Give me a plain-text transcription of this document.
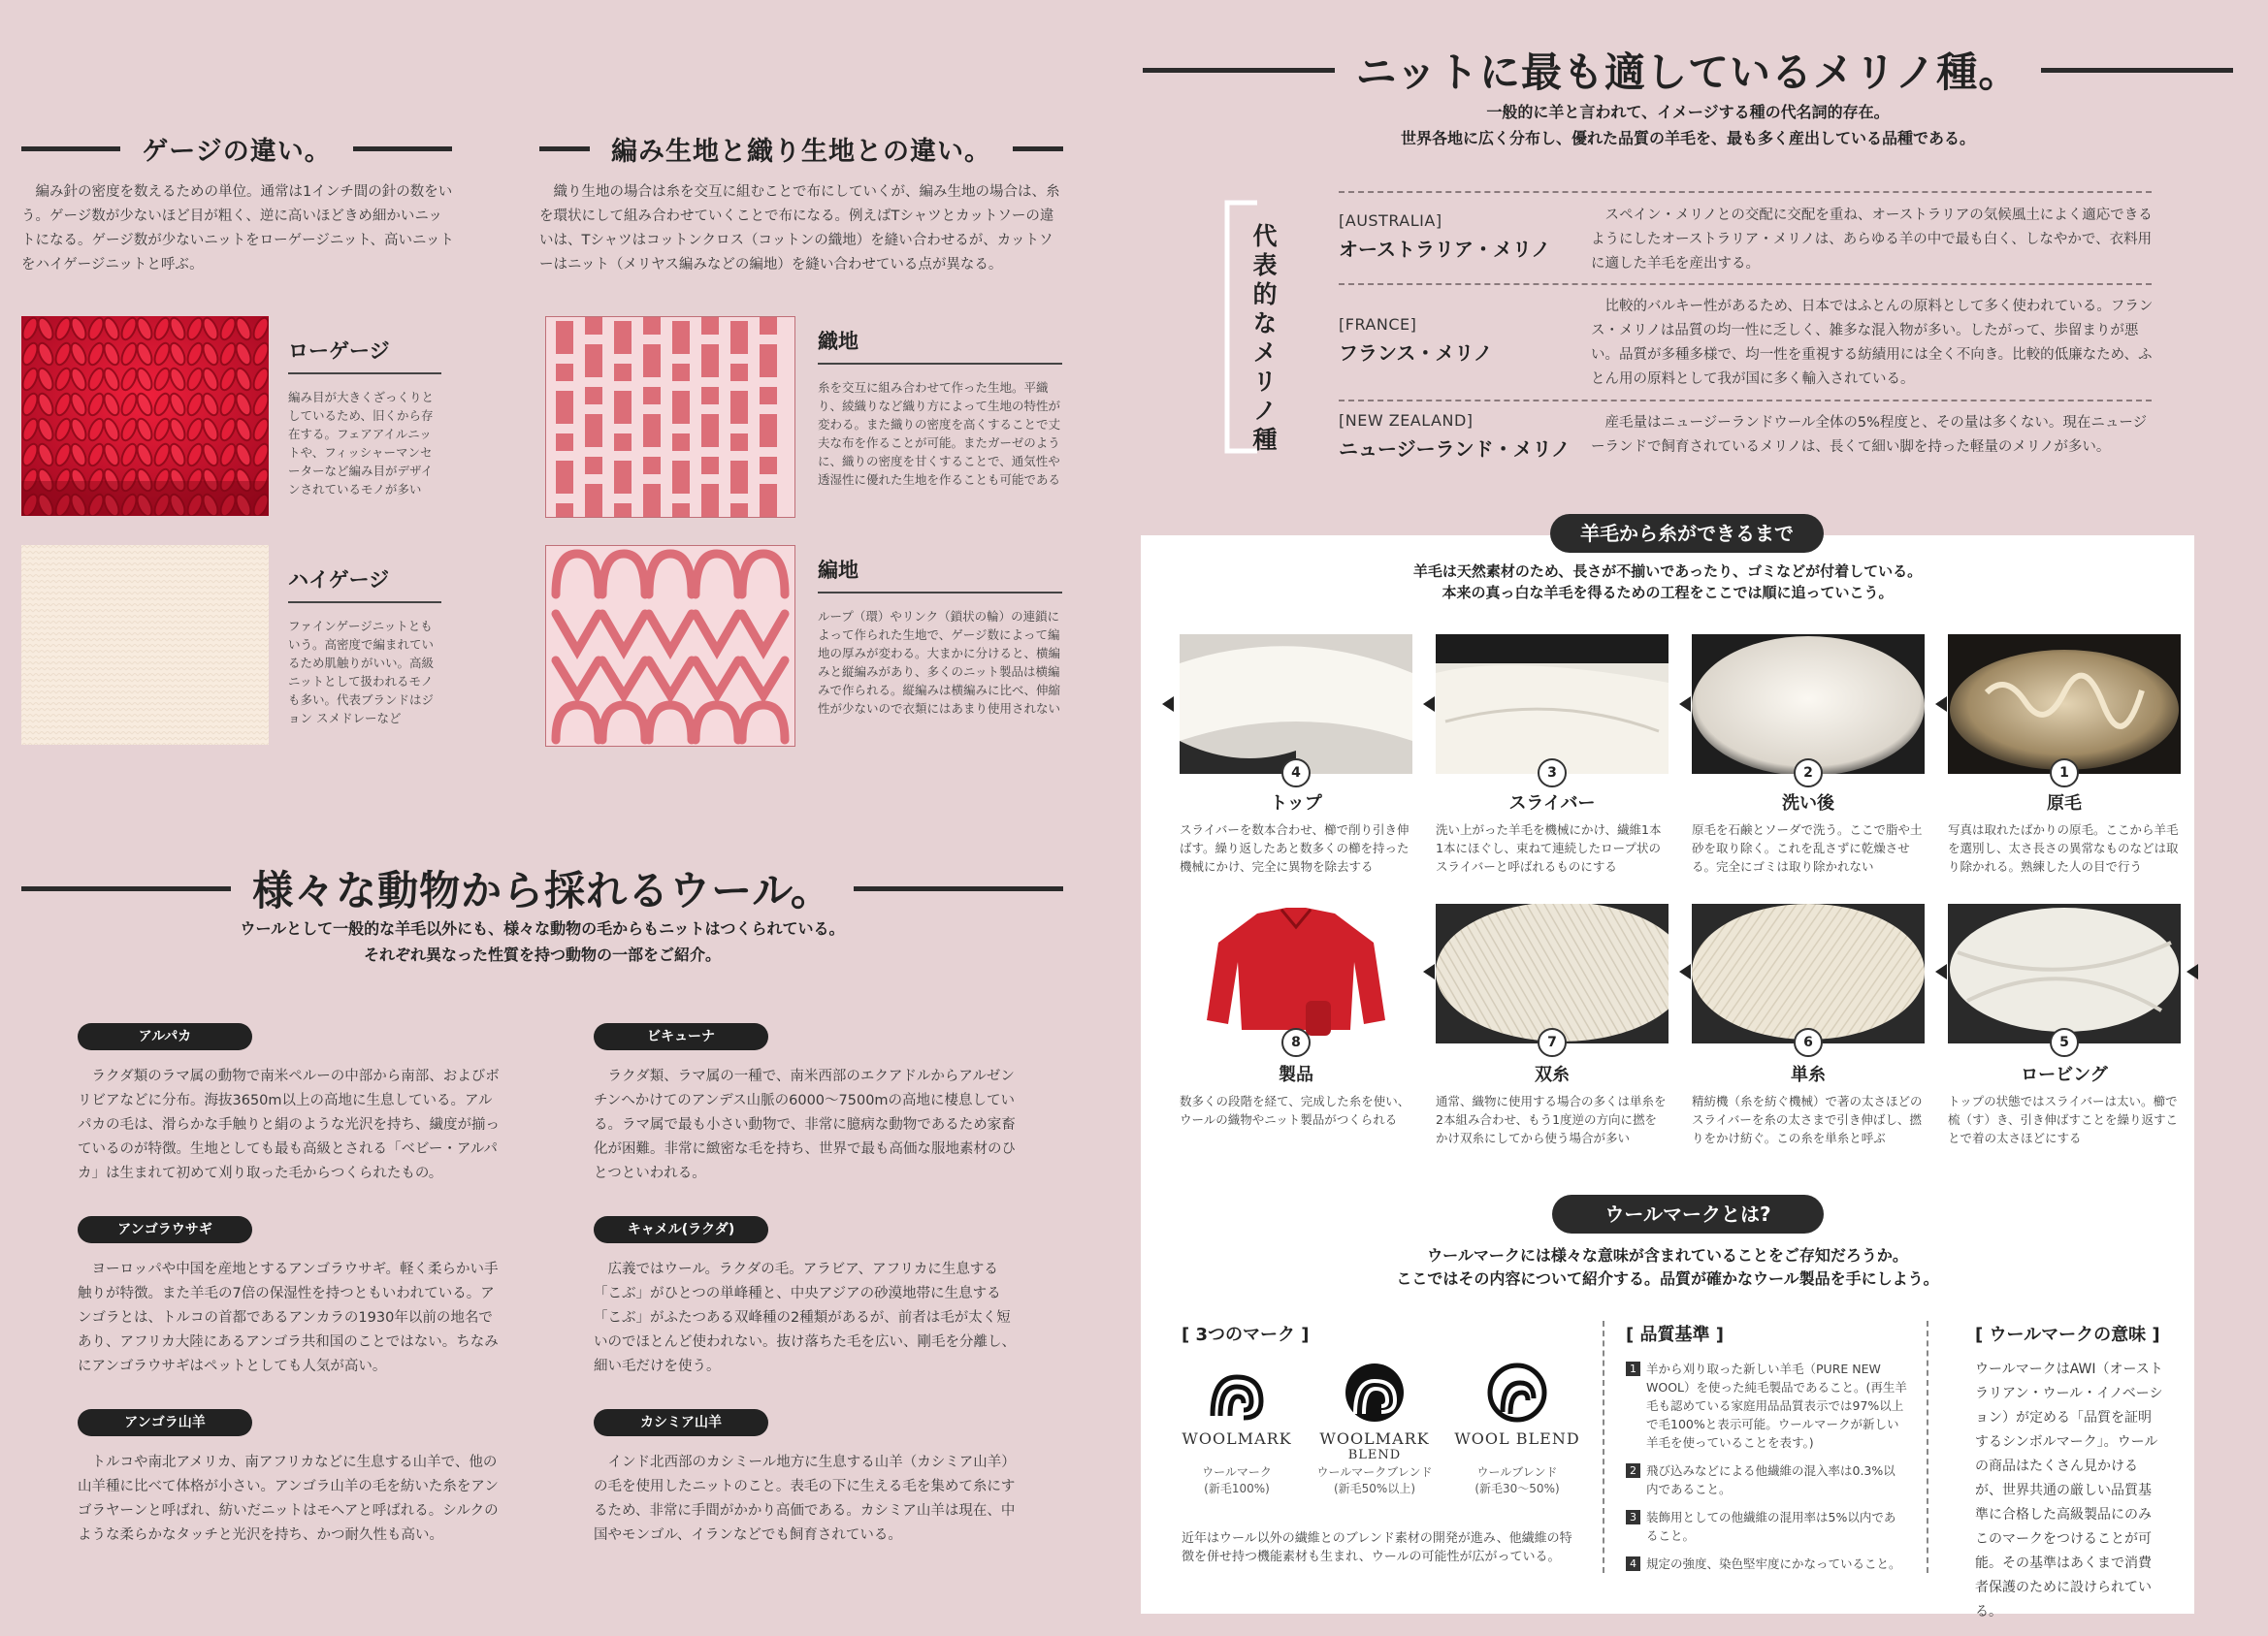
ゲージの違い。

編み針の密度を数えるための単位。通常は1インチ間の針の数をいう。ゲージ数が少ないほど目が粗く、逆に高いほどきめ細かいニットになる。ゲージ数が少ないニットをローゲージニット、高いニットをハイゲージニットと呼ぶ。

ローゲージ

編み目が大きくざっくりとしているため、旧くから存在する。フェアアイルニットや、フィッシャーマンセーターなど編み目がデザインされているモノが多い

ハイゲージ

ファインゲージニットともいう。高密度で編まれているため肌触りがいい。高級ニットとして扱われるモノも多い。代表ブランドはジョン スメドレーなど

編み生地と織り生地との違い。

織り生地の場合は糸を交互に組むことで布にしていくが、編み生地の場合は、糸を環状にして組み合わせていくことで布になる。例えばTシャツとカットソーの違いは、Tシャツはコットンクロス（コットンの織地）を縫い合わせるが、カットソーはニット（メリヤス編みなどの編地）を縫い合わせている点が異なる。

織地

糸を交互に組み合わせて作った生地。平織り、綾織りなど織り方によって生地の特性が変わる。また織りの密度を高くすることで丈夫な布を作ることが可能。またガーゼのように、織りの密度を甘くすることで、通気性や透湿性に優れた生地を作ることも可能である

編地

ループ（環）やリンク（鎖状の輪）の連鎖によって作られた生地で、ゲージ数によって編地の厚みが変わる。大まかに分けると、横編みと縦編みがあり、多くのニット製品は横編みで作られる。縦編みは横編みに比べ、伸縮性が少ないので衣類にはあまり使用されない

様々な動物から採れるウール。

ウールとして一般的な羊毛以外にも、様々な動物の毛からもニットはつくられている。
それぞれ異なった性質を持つ動物の一部をご紹介。

アルパカ

ラクダ類のラマ属の動物で南米ペルーの中部から南部、およびボリビアなどに分布。海抜3650m以上の高地に生息している。アルパカの毛は、滑らかな手触りと絹のような光沢を持ち、繊度が揃っているのが特徴。生地としても最も高級とされる「ベビー・アルパカ」は生まれて初めて刈り取った毛からつくられたもの。

ビキューナ

ラクダ類、ラマ属の一種で、南米西部のエクアドルからアルゼンチンへかけてのアンデス山脈の6000～7500mの高地に棲息している。ラマ属で最も小さい動物で、非常に臆病な動物であるため家畜化が困難。非常に緻密な毛を持ち、世界で最も高価な服地素材のひとつといわれる。

アンゴラウサギ

ヨーロッパや中国を産地とするアンゴラウサギ。軽く柔らかい手触りが特徴。また羊毛の7倍の保湿性を持つともいわれている。アンゴラとは、トルコの首都であるアンカラの1930年以前の地名であり、アフリカ大陸にあるアンゴラ共和国のことではない。ちなみにアンゴラウサギはペットとしても人気が高い。

キャメル(ラクダ)

広義ではウール。ラクダの毛。アラビア、アフリカに生息する「こぶ」がひとつの単峰種と、中央アジアの砂漠地帯に生息する「こぶ」がふたつある双峰種の2種類があるが、前者は毛が太く短いのでほとんど使われない。抜け落ちた毛を広い、剛毛を分離し、細い毛だけを使う。

アンゴラ山羊

トルコや南北アメリカ、南アフリカなどに生息する山羊で、他の山羊種に比べて体格が小さい。アンゴラ山羊の毛を紡いた糸をアンゴラヤーンと呼ばれ、紡いだニットはモヘアと呼ばれる。シルクのような柔らかなタッチと光沢を持ち、かつ耐久性も高い。

カシミア山羊

インド北西部のカシミール地方に生息する山羊（カシミア山羊）の毛を使用したニットのこと。表毛の下に生える毛を集めて糸にするため、非常に手間がかかり高価である。カシミア山羊は現在、中国やモンゴル、イランなどでも飼育されている。

ニットに最も適しているメリノ種。

一般的に羊と言われて、イメージする種の代名詞的存在。
世界各地に広く分布し、優れた品質の羊毛を、最も多く産出している品種である。

代表的なメリノ種
[AUSTRALIA]
オーストラリア・メリノ

スペイン・メリノとの交配に交配を重ね、オーストラリアの気候風土によく適応できるようにしたオーストラリア・メリノは、あらゆる羊の中で最も白く、しなやかで、衣料用に適した羊毛を産出する。

[FRANCE]
フランス・メリノ

比較的バルキー性があるため、日本ではふとんの原料として多く使われている。フランス・メリノは品質の均一性に乏しく、雑多な混入物が多い。したがって、歩留まりが悪い。品質が多種多様で、均一性を重視する紡績用には全く不向き。比較的低廉なため、ふとん用の原料として我が国に多く輸入されている。

[NEW ZEALAND]
ニュージーランド・メリノ

産毛量はニュージーランドウール全体の5%程度と、その量は多くない。現在ニュージーランドで飼育されているメリノは、長くて細い脚を持った軽量のメリノが多い。

羊毛から糸ができるまで

羊毛は天然素材のため、長さが不揃いであったり、ゴミなどが付着している。
本来の真っ白な羊毛を得るための工程をここでは順に追っていこう。

1
2
3
4
原毛
洗い後
スライバー
トップ

写真は取れたばかりの原毛。ここから羊毛を選別し、太さ長さの異常なものなどは取り除かれる。熟練した人の目で行う

原毛を石鹸とソーダで洗う。ここで脂や土砂を取り除く。これを乱さずに乾燥させる。完全にゴミは取り除かれない

洗い上がった羊毛を機械にかけ、繊維1本1本にほぐし、束ねて連続したロープ状のスライバーと呼ばれるものにする

スライバーを数本合わせ、櫛で削り引き伸ばす。繰り返したあと数多くの櫛を持った機械にかけ、完全に異物を除去する

5
6
7
8
ロービング
単糸
双糸
製品

トップの状態ではスライバーは太い。櫛で梳（す）き、引き伸ばすことを繰り返すことで着の太さほどにする

精紡機（糸を紡ぐ機械）で著の太さほどのスライバーを糸の太さまで引き伸ばし、撚りをかけ紡ぐ。この糸を単糸と呼ぶ

通常、織物に使用する場合の多くは単糸を2本組み合わせ、もう1度逆の方向に撚をかけ双糸にしてから使う場合が多い

数多くの段階を経て、完成した糸を使い、ウールの織物やニット製品がつくられる

ウールマークとは?

ウールマークには様々な意味が含まれていることをご存知だろうか。
ここではその内容について紹介する。品質が確かなウール製品を手にしよう。

[ 3つのマーク ]
WOOLMARK
ウールマーク
(新毛100%)
WOOLMARK
BLEND
ウールマークブレンド
(新毛50%以上)
WOOL BLEND
ウールブレンド
(新毛30～50%)

近年はウール以外の繊維とのブレンド素材の開発が進み、他繊維の特徴を併せ持つ機能素材も生まれ、ウールの可能性が広がっている。

[ 品質基準 ]
1 羊から刈り取った新しい羊毛（PURE NEW WOOL）を使った純毛製品であること。(再生羊毛も認めている家庭用品品質表示では97%以上で毛100%と表示可能。ウールマークが新しい羊毛を使っていることを表す。)
2 飛び込みなどによる他繊維の混入率は0.3%以内であること。
3 装飾用としての他繊維の混用率は5%以内であること。
4 規定の強度、染色堅牢度にかなっていること。
[ ウールマークの意味 ]

ウールマークはAWI（オーストラリアン・ウール・イノベーション）が定める「品質を証明するシンボルマーク」。ウールの商品はたくさん見かけるが、世界共通の厳しい品質基準に合格した高級製品にのみこのマークをつけることが可能。その基準はあくまで消費者保護のために設けられている。
